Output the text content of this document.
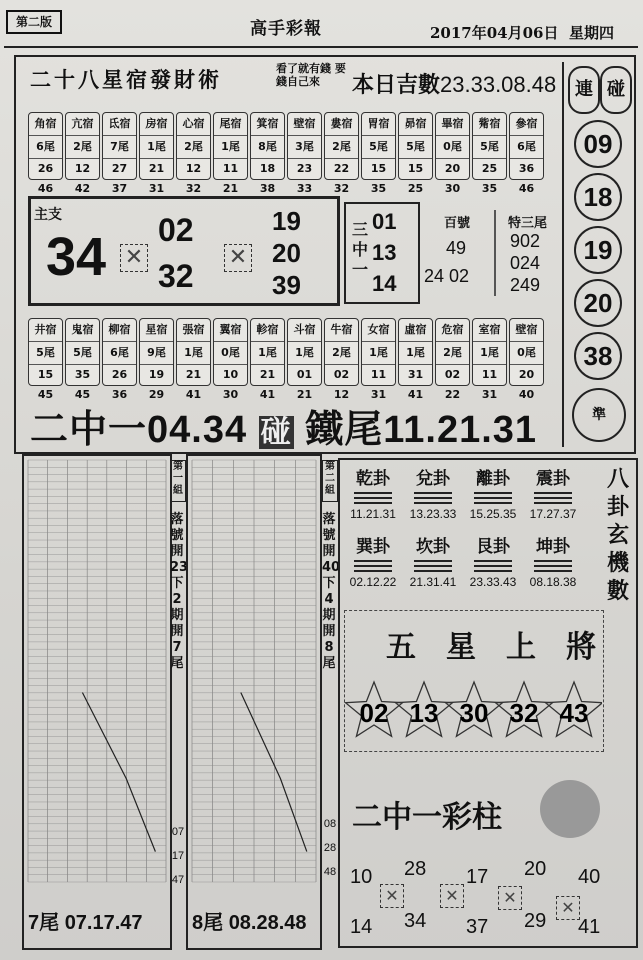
第二版	高手彩報	2017年04月06日 星期四
二十八星宿發財術	看了就有錢 要錢自己來	本日吉數23.33.08.48	連 碰
09
18
19
20
38
準
角宿
6尾
26 46
亢宿
2尾
12 42
氐宿
7尾
27 37
房宿
1尾
21 31
心宿
2尾
12 32
尾宿
1尾
11 21
箕宿
8尾
18 38
壁宿
3尾
23 33
婁宿
2尾
22 32
胃宿
5尾
15 35
昴宿
5尾
15 25
畢宿
0尾
20 30
觜宿
5尾
25 35
參宿
6尾
36 46
井宿
5尾
15 45
鬼宿
5尾
35 45
柳宿
6尾
26 36
星宿
9尾
19 29
張宿
1尾
21 41
翼宿
0尾
10 30
軫宿
1尾
21 41
斗宿
1尾
01 21
牛宿
2尾
02 12
女宿
1尾
11 31
虛宿
1尾
31 41
危宿
2尾
02 22
室宿
1尾
11 31
壁宿
0尾
20 40
主支
34 ✕
02
32
✕
19
20
39
三中一
01
13
14
百號
49
24 02
特三尾
902
024
249
二中一04.34 碰 鐵尾11.21.31
第一組
落號開23下2期開7尾
07
17
47
7尾 07.17.47
第二組
落號開40下4期開8尾
08
28
48
8尾 08.28.48
乾卦
11.21.31
兌卦
13.23.33
離卦
15.25.35
震卦
17.27.37
巽卦
02.12.22
坎卦
21.31.41
艮卦
23.33.43
坤卦
08.18.38
八卦玄機數
五星上將
02 13 30 32 43
二中一彩柱
10 28 17 20 40
14 34 37 29 41
✕	✕	✕
✕
